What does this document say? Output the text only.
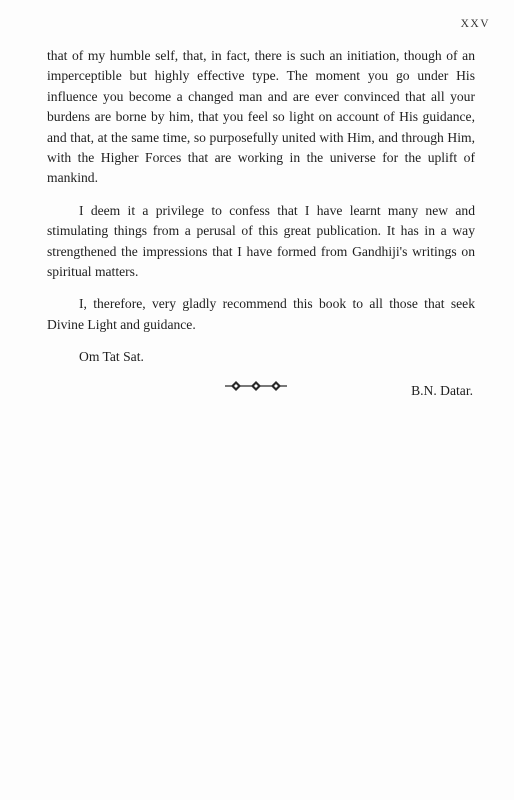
XXV

that of my humble self, that, in fact, there is such an initiation, though of an imperceptible but highly effective type. The moment you go under His influence you become a changed man and are ever convinced that all your burdens are borne by him, that you feel so light on account of His guidance, and that, at the same time, so purposefully united with Him, and through Him, with the Higher Forces that are working in the universe for the uplift of mankind.

I deem it a privilege to confess that I have learnt many new and stimulating things from a perusal of this great publication. It has in a way strengthened the impressions that I have formed from Gandhiji's writings on spiritual matters.

I, therefore, very gladly recommend this book to all those that seek Divine Light and guidance.

Om Tat Sat.

B.N. Datar.
